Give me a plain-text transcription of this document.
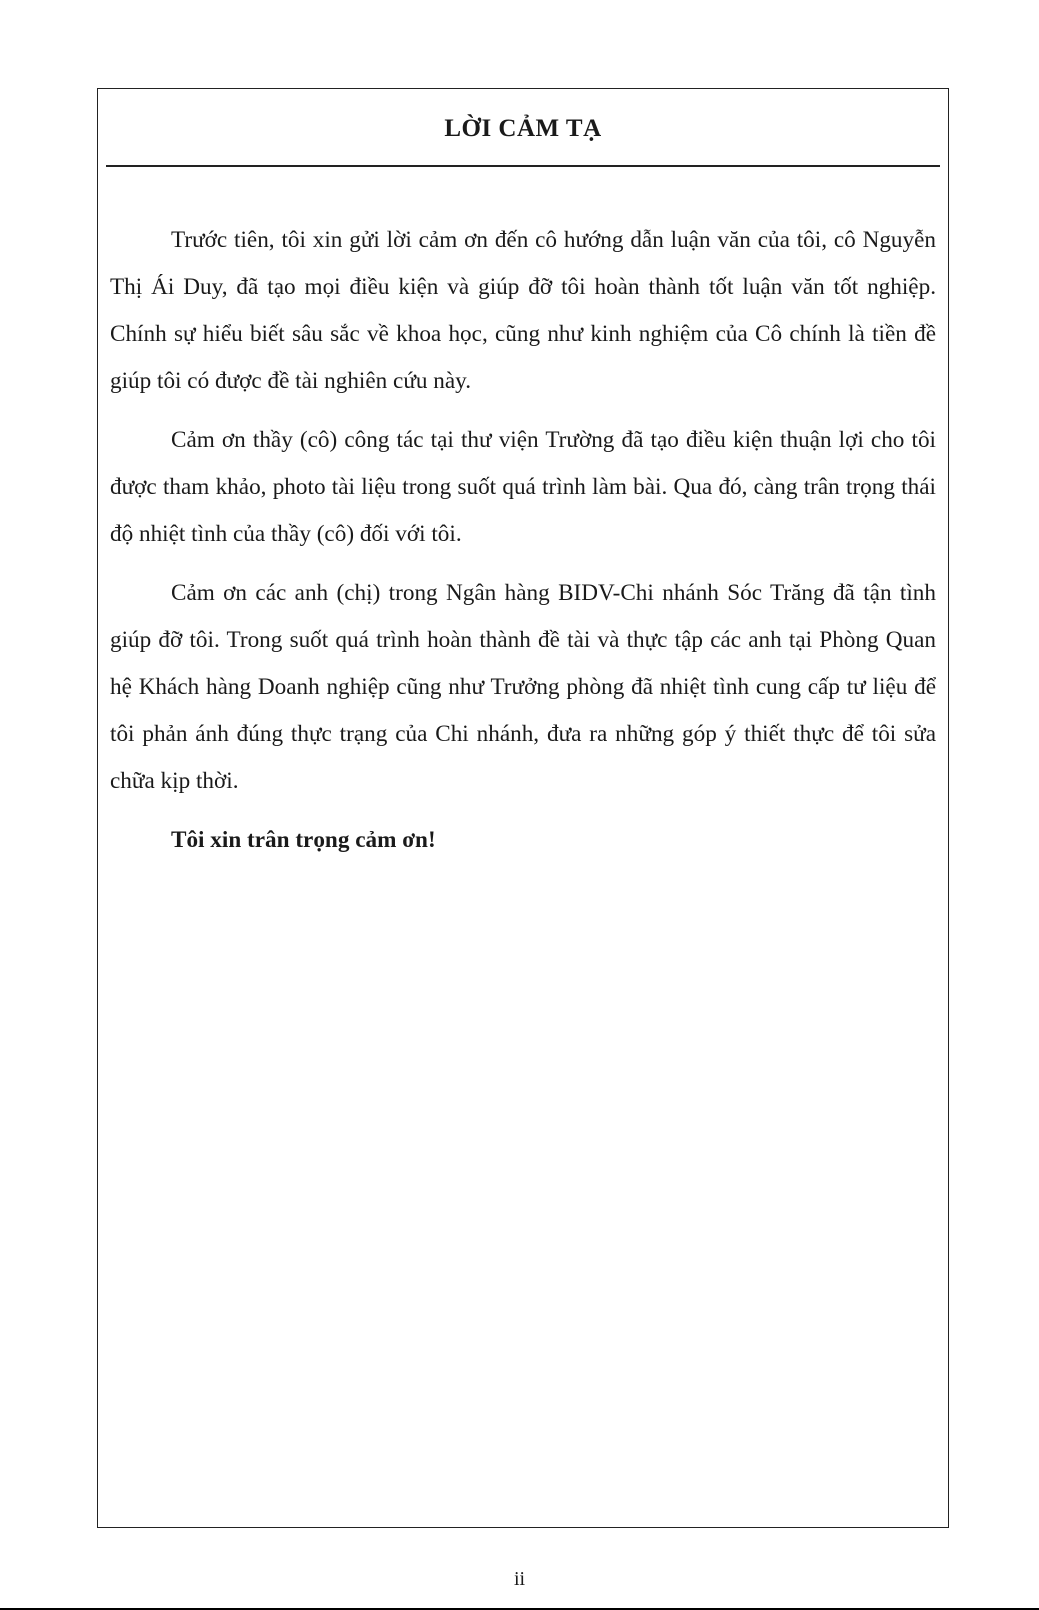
LỜI CẢM TẠ

Trước tiên, tôi xin gửi lời cảm ơn đến cô hướng dẫn luận văn của tôi, cô Nguyễn Thị Ái Duy, đã tạo mọi điều kiện và giúp đỡ tôi hoàn thành tốt luận văn tốt nghiệp. Chính sự hiểu biết sâu sắc về khoa học, cũng như kinh nghiệm của Cô chính là tiền đề giúp tôi có được đề tài nghiên cứu này.

Cảm ơn thầy (cô) công tác tại thư viện Trường đã tạo điều kiện thuận lợi cho tôi được tham khảo, photo tài liệu trong suốt quá trình làm bài. Qua đó, càng trân trọng thái độ nhiệt tình của thầy (cô) đối với tôi.

Cảm ơn các anh (chị) trong Ngân hàng BIDV-Chi nhánh Sóc Trăng đã tận tình giúp đỡ tôi. Trong suốt quá trình hoàn thành đề tài và thực tập các anh tại Phòng Quan hệ Khách hàng Doanh nghiệp cũng như Trưởng phòng đã nhiệt tình cung cấp tư liệu để tôi phản ánh đúng thực trạng của Chi nhánh, đưa ra những góp ý thiết thực để tôi sửa chữa kịp thời.

Tôi xin trân trọng cảm ơn!

ii
